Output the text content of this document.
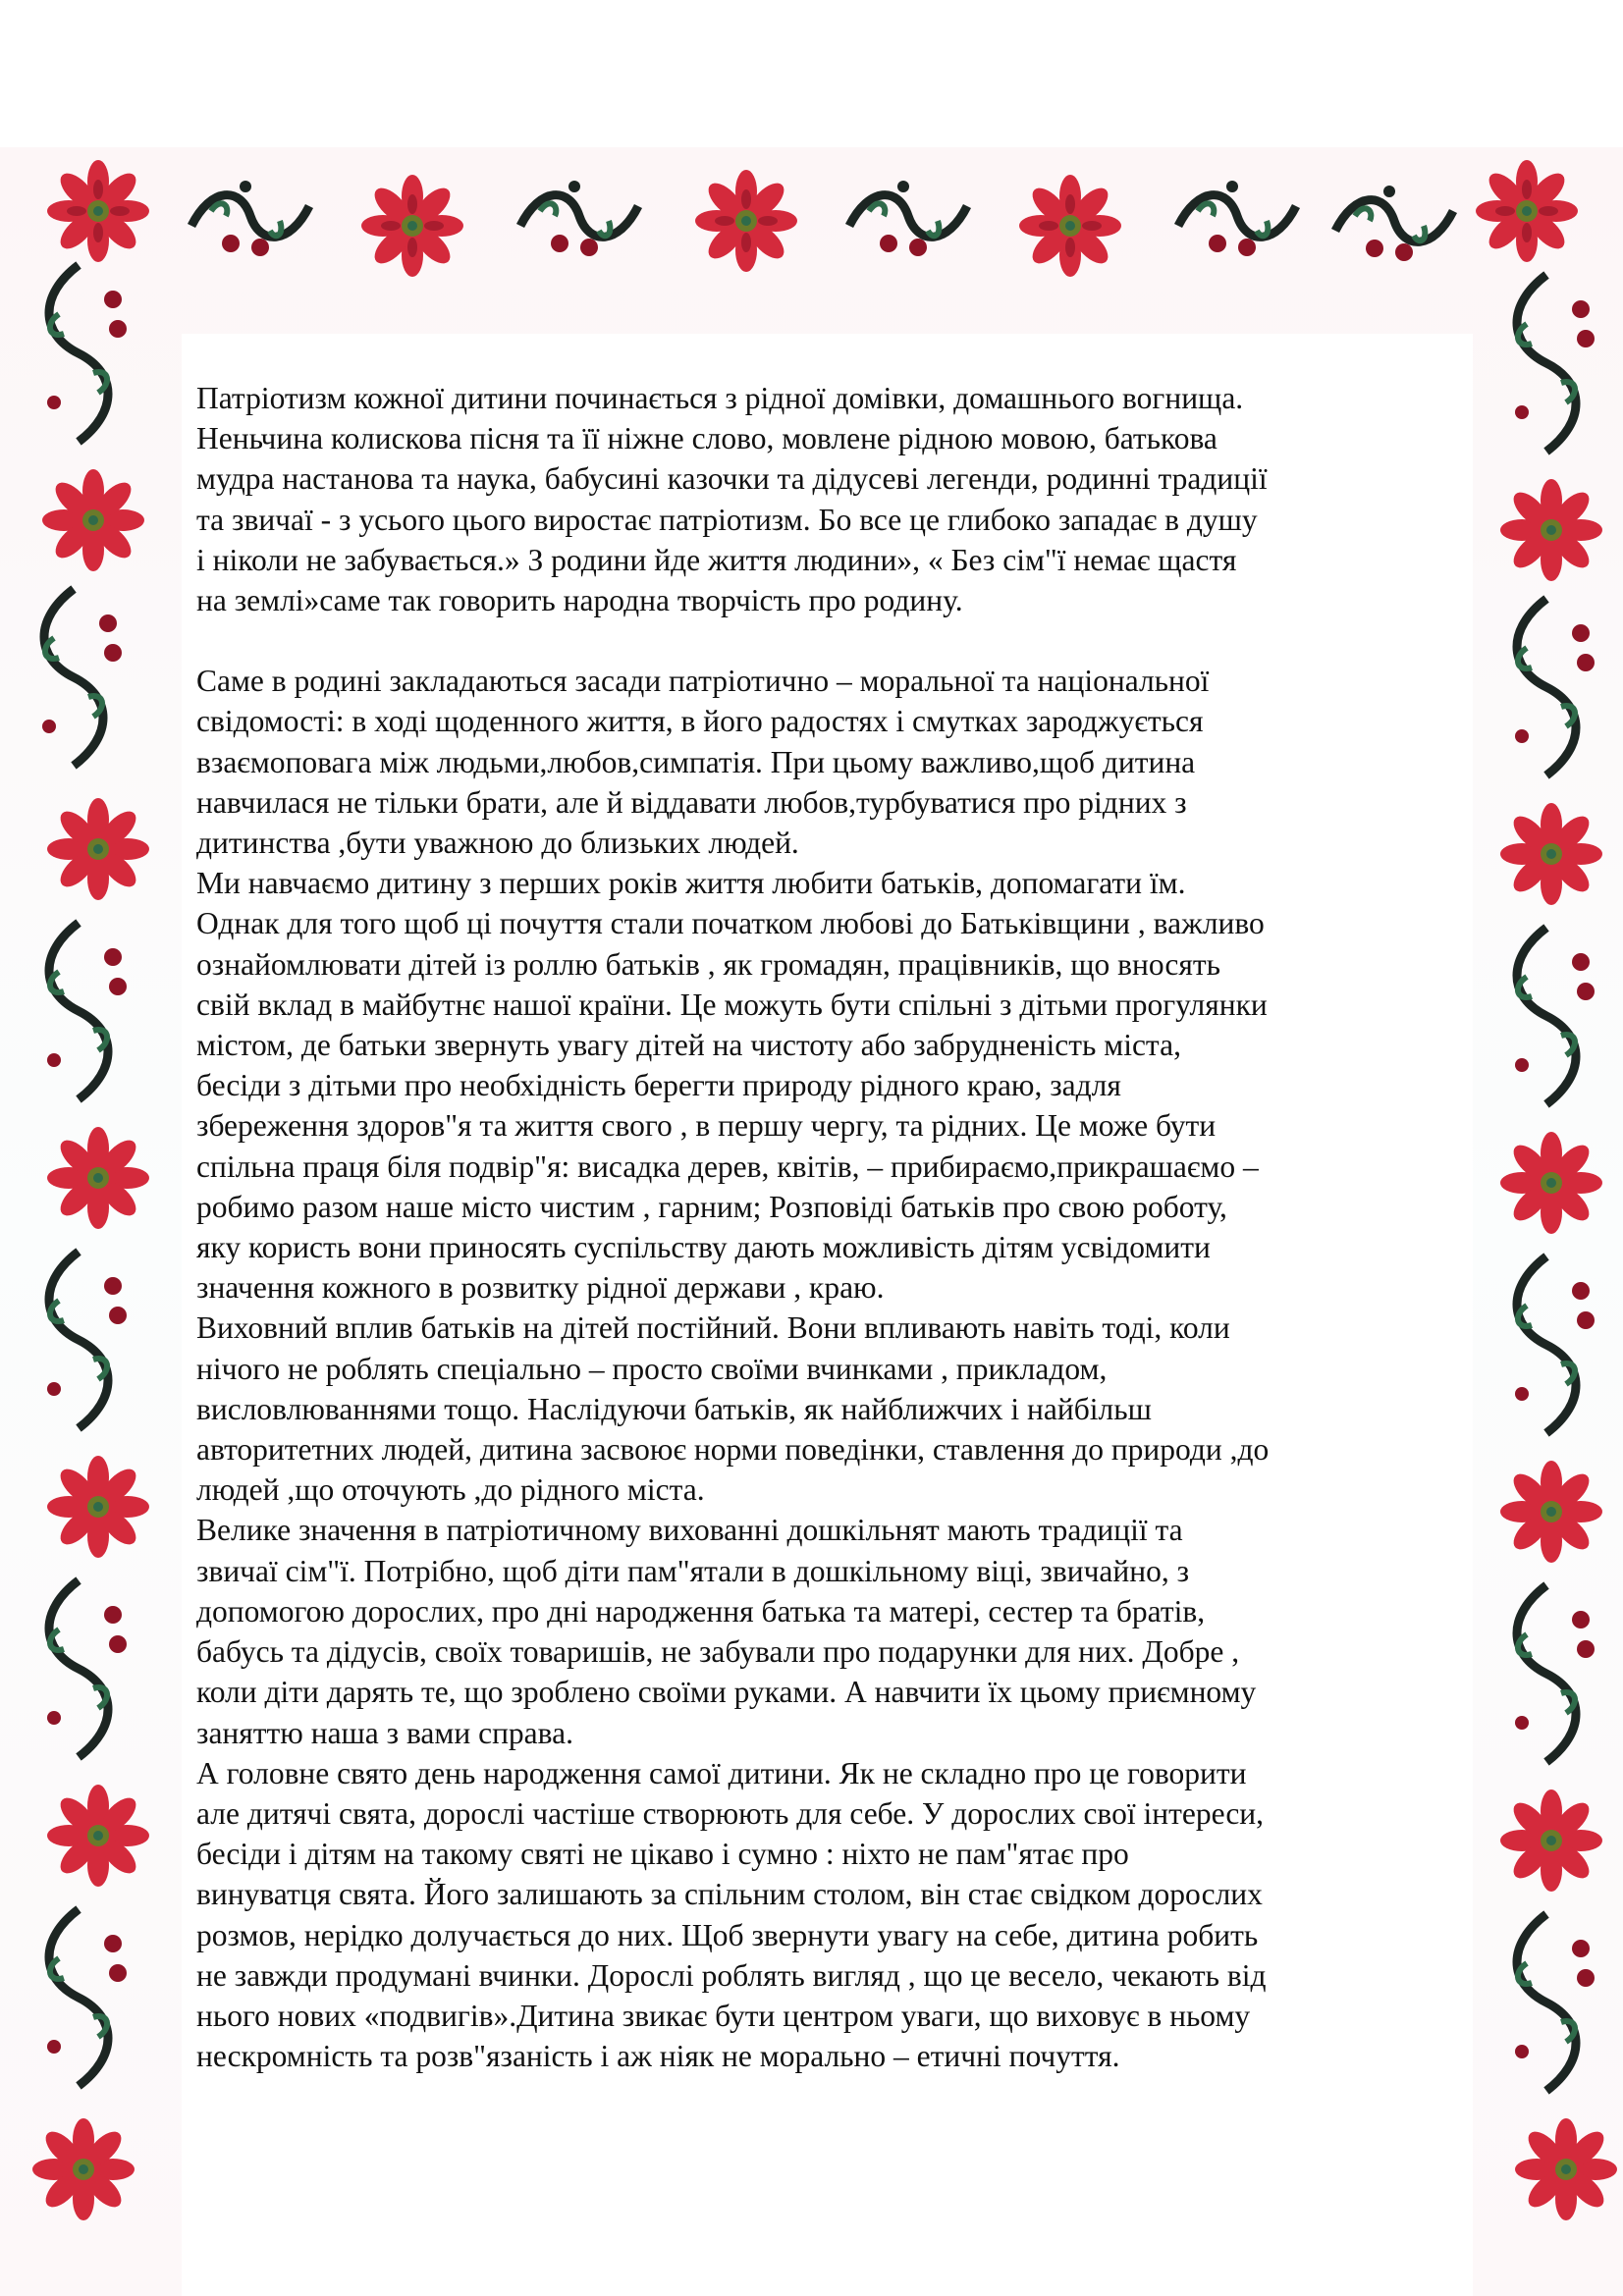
Патріотизм кожної дитини починається з рідної домівки, домашнього вогнища.
Неньчина колискова пісня та її ніжне слово, мовлене рідною мовою, батькова
мудра настанова та наука, бабусині казочки та дідусеві легенди, родинні традиції
та звичаї - з усього цього виростає патріотизм. Бо все це глибоко западає в душу
і ніколи не забувається.» З родини йде життя людини», « Без сім"ї немає щастя
на землі»саме так говорить народна творчість про родину.
Саме в родині закладаються засади патріотично – моральної та національної
свідомості: в ході щоденного життя, в його радостях і смутках зароджується
взаємоповага між людьми,любов,симпатія. При цьому важливо,щоб дитина
навчилася не тільки брати, але й віддавати любов,турбуватися про рідних з
дитинства ,бути уважною до близьких людей.
Ми навчаємо дитину з перших років життя любити батьків, допомагати їм.
Однак для того щоб ці почуття стали початком любові до Батьківщини , важливо
ознайомлювати дітей із роллю батьків , як громадян, працівників, що вносять
свій вклад в майбутнє нашої країни. Це можуть бути спільні з дітьми прогулянки
містом, де батьки звернуть увагу дітей на чистоту або забрудненість міста,
бесіди з дітьми про необхідність берегти природу рідного краю, задля
збереження здоров"я та життя свого , в першу чергу, та рідних. Це може бути
спільна праця біля подвір"я: висадка дерев, квітів, – прибираємо,прикрашаємо –
робимо разом наше місто чистим , гарним; Розповіді батьків про свою роботу,
яку користь вони приносять суспільству дають можливість дітям усвідомити
значення кожного в розвитку рідної держави , краю.
Виховний вплив батьків на дітей постійний. Вони впливають навіть тоді, коли
нічого не роблять спеціально – просто своїми вчинками , прикладом,
висловлюваннями тощо. Наслідуючи батьків, як найближчих і найбільш
авторитетних людей, дитина засвоює норми поведінки, ставлення до природи ,до
людей ,що оточують ,до рідного міста.
Велике значення в патріотичному вихованні дошкільнят мають традиції та
звичаї сім"ї. Потрібно, щоб діти пам"ятали в дошкільному віці, звичайно, з
допомогою дорослих, про дні народження батька та матері, сестер та братів,
бабусь та дідусів, своїх товаришів, не забували про подарунки для них. Добре ,
коли діти дарять те, що зроблено своїми руками. А навчити їх цьому приємному
заняттю наша з вами справа.
А головне свято день народження самої дитини. Як не складно про це говорити
але дитячі свята, дорослі частіше створюють для себе. У дорослих свої інтереси,
бесіди і дітям на такому святі не цікаво і сумно : ніхто не пам"ятає про
винуватця свята. Його залишають за спільним столом, він стає свідком дорослих
розмов, нерідко долучається до них. Щоб звернути увагу на себе, дитина робить
не завжди продумані вчинки. Дорослі роблять вигляд , що це весело, чекають від
нього нових «подвигів».Дитина звикає бути центром уваги, що виховує в ньому
нескромність та розв"язаність і аж ніяк не морально – етичні почуття.
